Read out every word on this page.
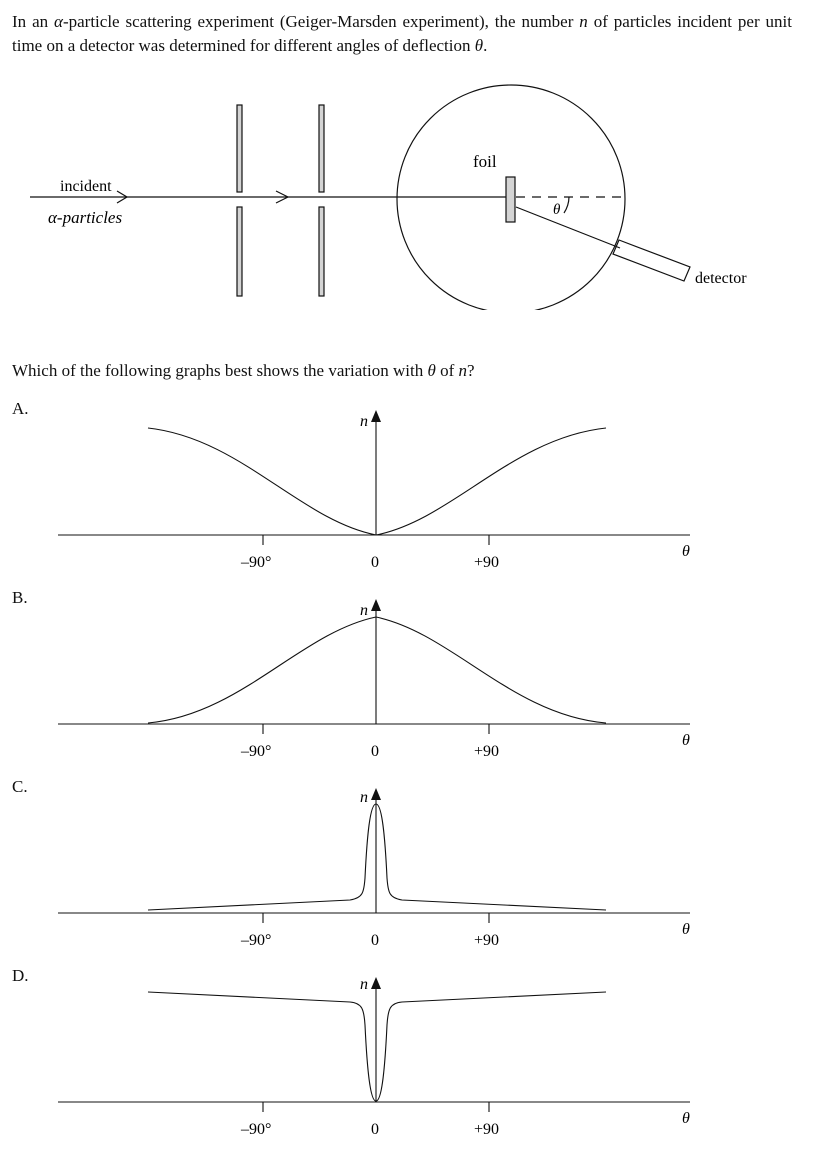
In an α-particle scattering experiment (Geiger-Marsden experiment), the number n of particles incident per unit time on a detector was determined for different angles of deflection θ.

incident
α-particles
foil
θ
detector

Which of the following graphs best shows the variation with θ of n?

A.
B.
C.
D.
n
θ
–90°	0	+90
n
θ
–90°	0	+90
n
θ
–90°	0	+90
n
θ
–90°	0	+90
